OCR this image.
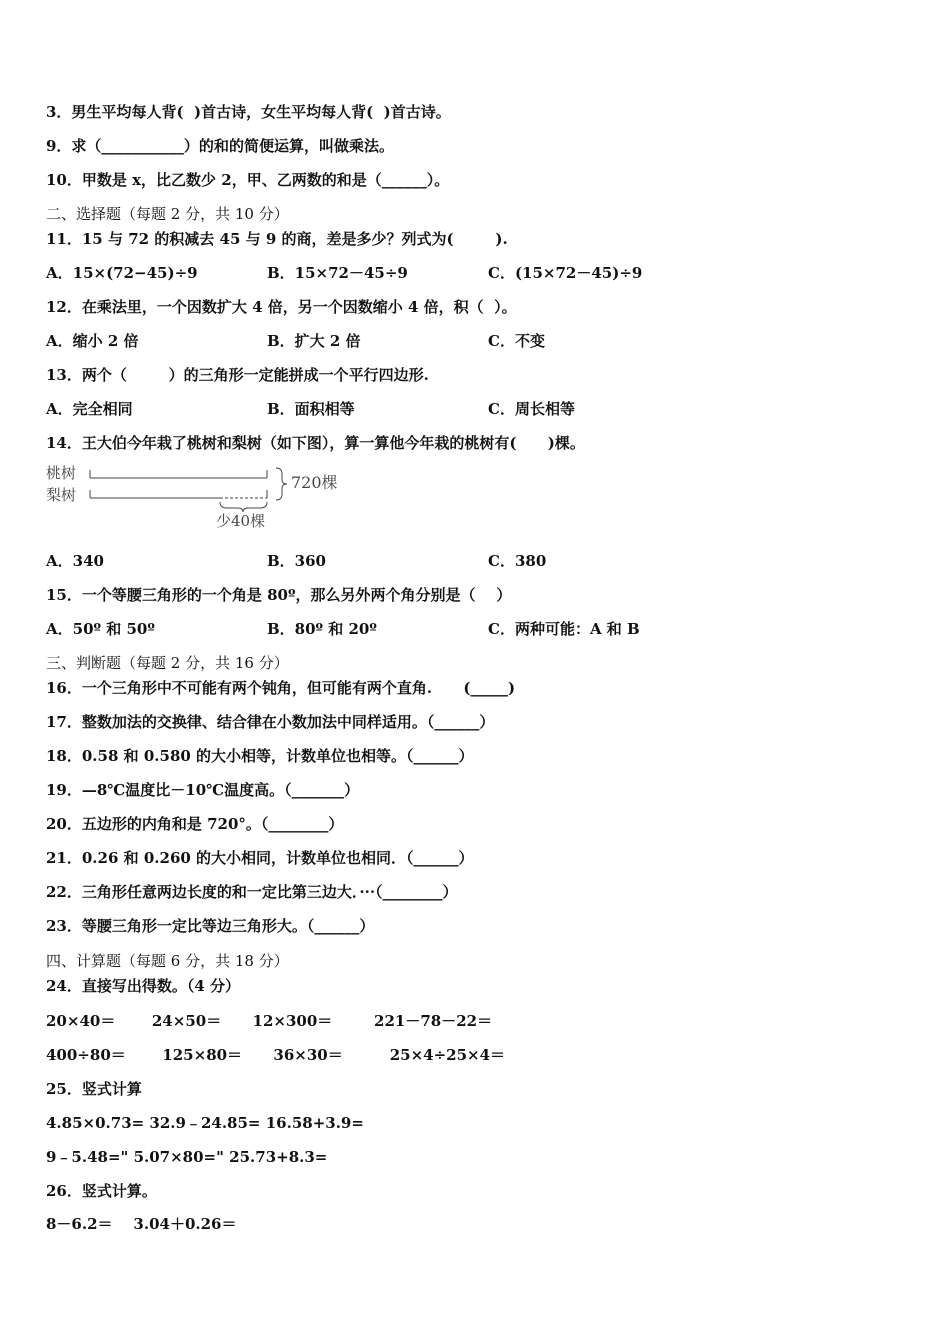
3．男生平均每人背(  )首古诗，女生平均每人背(  )首古诗。
9．求（___________）的和的简便运算，叫做乘法。
10．甲数是 x，比乙数少 2，甲、乙两数的和是（______）。
二、选择题（每题 2 分，共 10 分）
11．15 与 72 的积减去 45 与 9 的商，差是多少？列式为(        ).
A．15×(72−45)÷9	B．15×72－45÷9	C．(15×72－45)÷9
12．在乘法里，一个因数扩大 4 倍，另一个因数缩小 4 倍，积（  ）。
A．缩小 2 倍	B．扩大 2 倍	C．不变
13．两个（        ）的三角形一定能拼成一个平行四边形.
A．完全相同	B．面积相等	C．周长相等
14．王大伯今年栽了桃树和梨树（如下图），算一算他今年栽的桃树有(      )棵。
桃树
梨树
720棵
少40棵
A．340	B．360	C．380
15．一个等腰三角形的一个角是 80º，那么另外两个角分别是（    ）
A．50º 和 50º	B．80º 和 20º	C．两种可能：A 和 B
三、判断题（每题 2 分，共 16 分）
16．一个三角形中不可能有两个钝角，但可能有两个直角.      (_____)
17．整数加法的交换律、结合律在小数加法中同样适用。（______）
18．0.58 和 0.580 的大小相等，计数单位也相等。（______）
19．—8℃温度比－10℃温度高。（_______）
20．五边形的内角和是 720°。（________）
21．0.26 和 0.260 的大小相同，计数单位也相同．（______）
22．三角形任意两边长度的和一定比第三边大．···（________）
23．等腰三角形一定比等边三角形大。（______）
四、计算题（每题 6 分，共 18 分）
24．直接写出得数。（4 分）
20×40＝       24×50＝      12×300＝        221－78－22＝
400÷80＝       125×80＝      36×30＝         25×4÷25×4＝
25．竖式计算
4.85×0.73= 32.9﹣24.85= 16.58+3.9=
9﹣5.48=" 5.07×80=" 25.73+8.3=
26．竖式计算。
8－6.2＝    3.04＋0.26＝
